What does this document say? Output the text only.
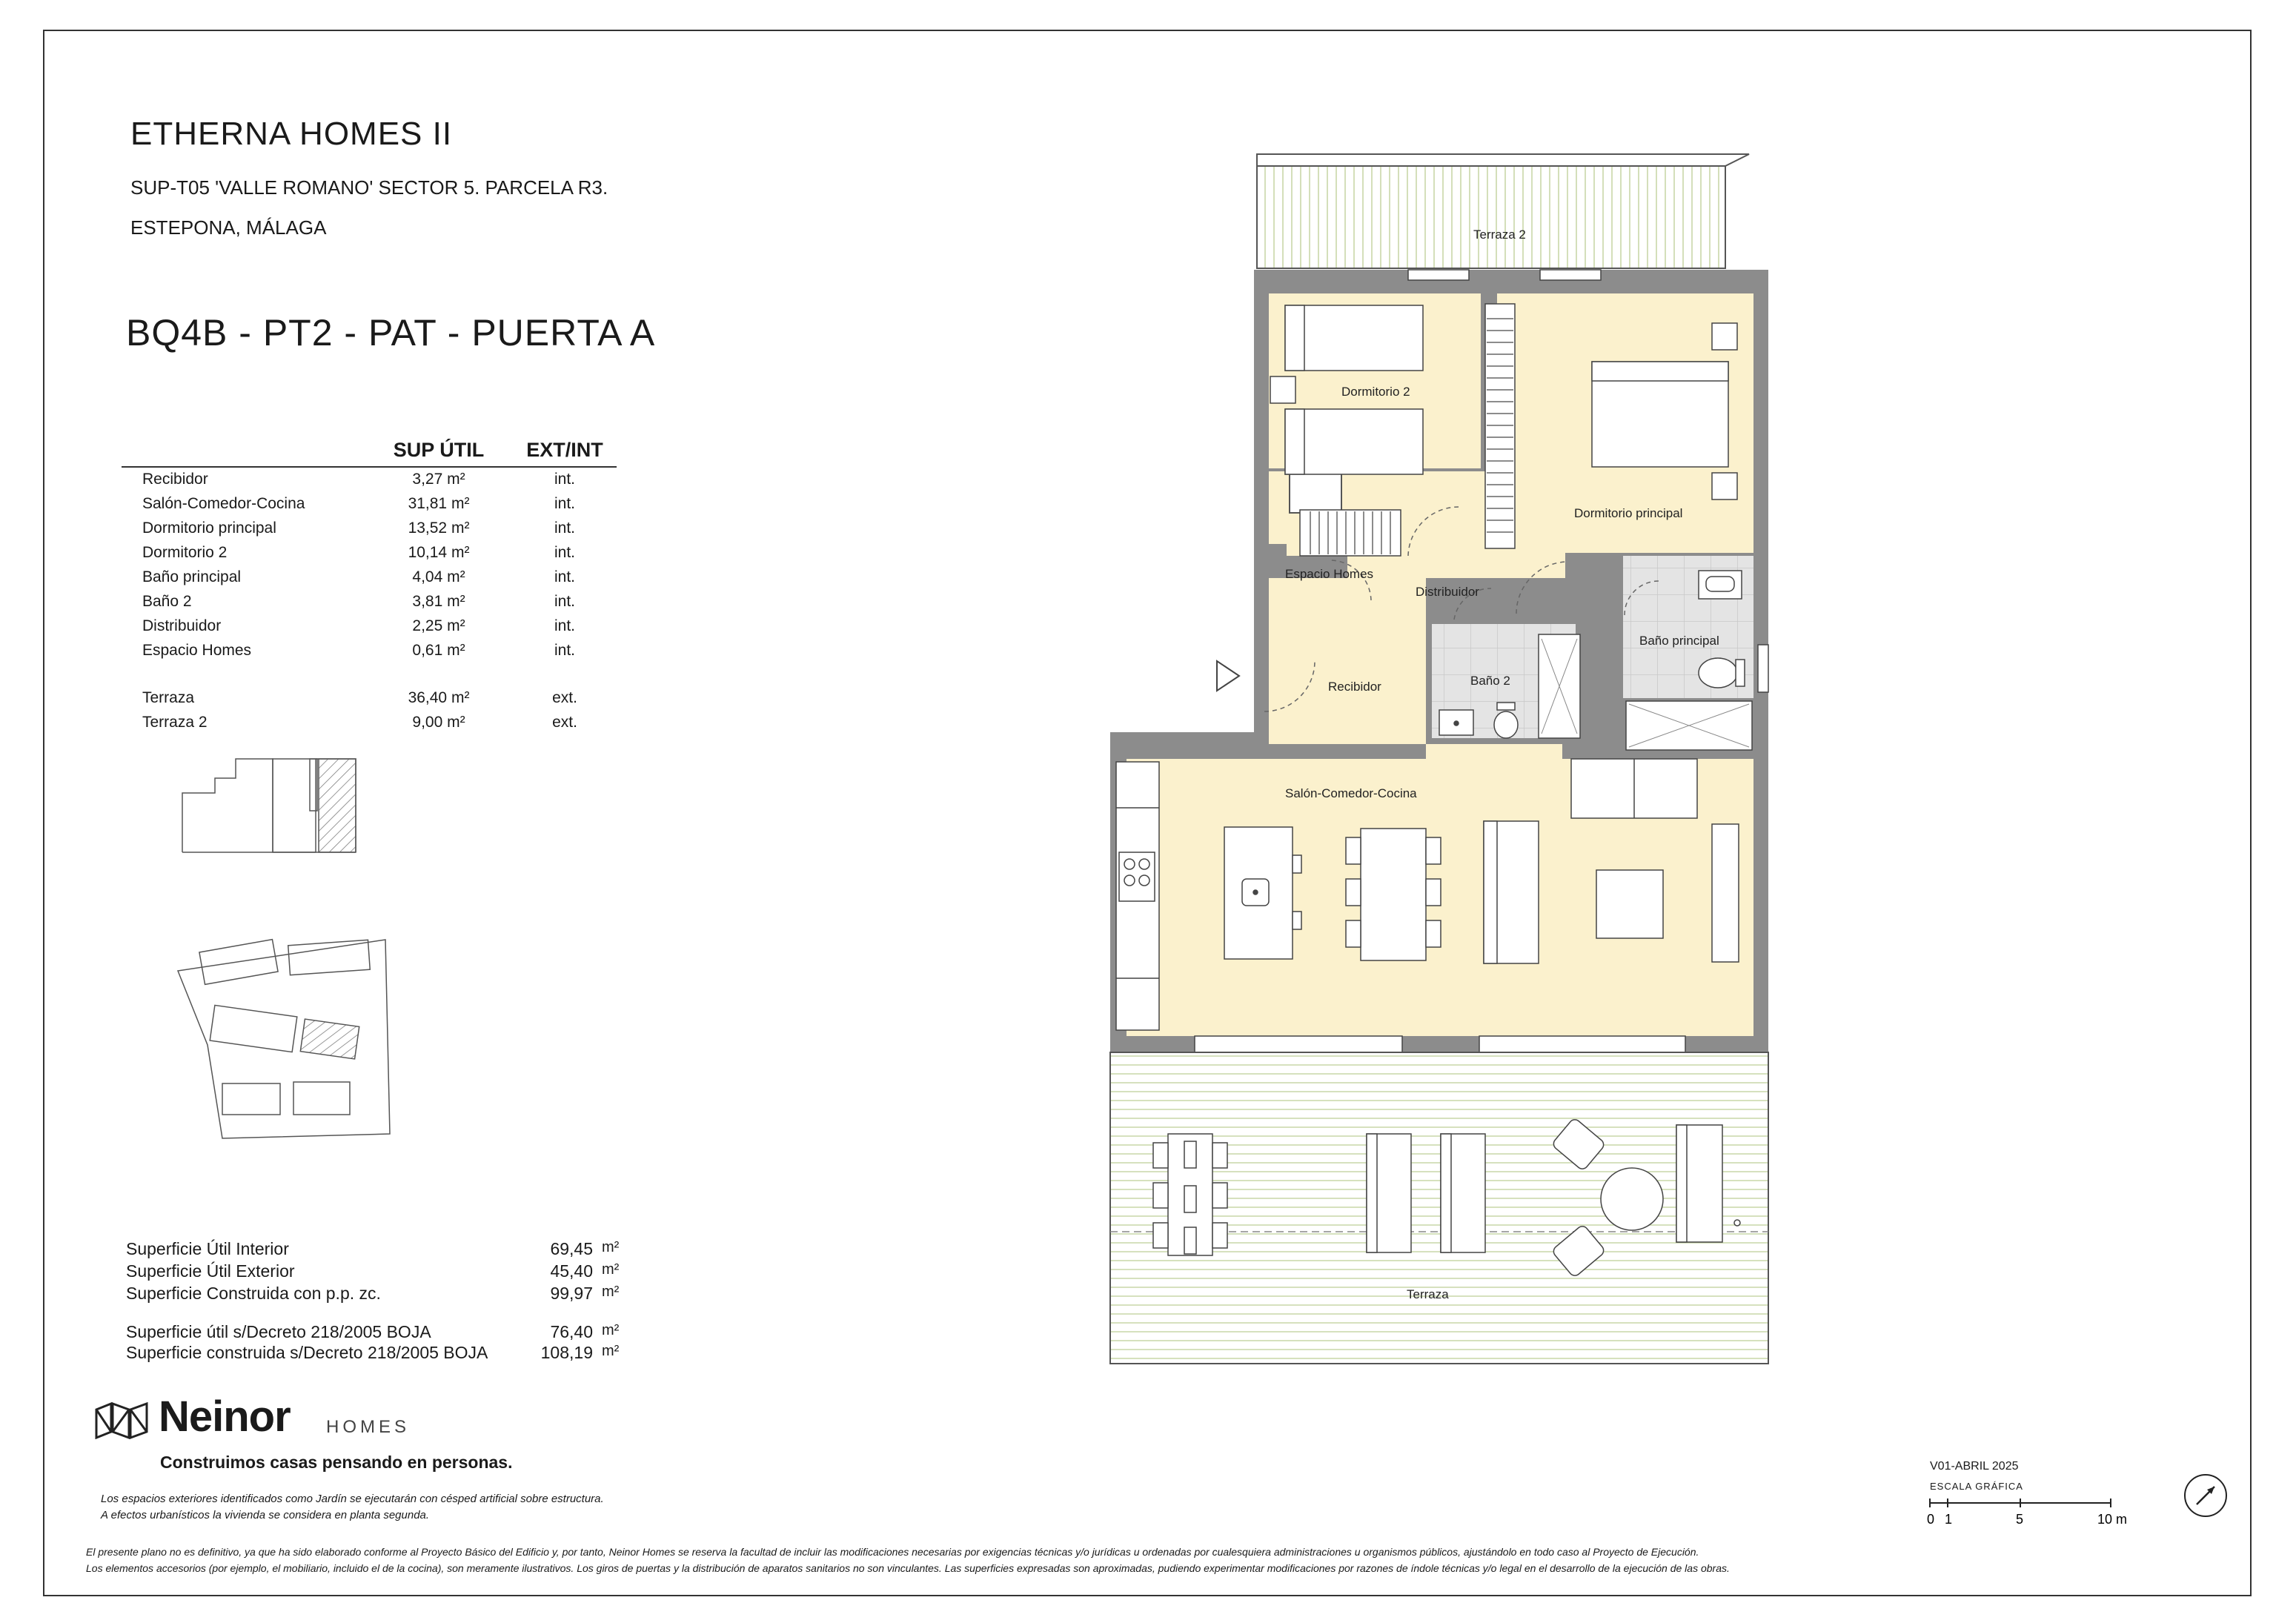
ETHERNA HOMES II
SUP-T05 'VALLE ROMANO' SECTOR 5. PARCELA R3.
ESTEPONA, MÁLAGA
BQ4B - PT2 - PAT - PUERTA A
	SUP ÚTIL	EXT/INT
Recibidor	3,27 m²	int.
Salón-Comedor-Cocina	31,81 m²	int.
Dormitorio principal	13,52 m²	int.
Dormitorio 2	10,14 m²	int.
Baño principal	4,04 m²	int.
Baño 2	3,81 m²	int.
Distribuidor	2,25 m²	int.
Espacio Homes	0,61 m²	int.

Terraza	36,40 m²	ext.
Terraza 2	9,00 m²	ext.
Superficie Útil Interior	69,45 m²
Superficie Útil Exterior	45,40 m²
Superficie Construida con p.p. zc.	99,97 m²
Superficie útil s/Decreto 218/2005 BOJA	76,40 m²
Superficie construida s/Decreto 218/2005 BOJA	108,19 m²
Neinor HOMES
Construimos casas pensando en personas.
Los espacios exteriores identificados como Jardín se ejecutarán con césped artificial sobre estructura.
A efectos urbanísticos la vivienda se considera en planta segunda.
El presente plano no es definitivo, ya que ha sido elaborado conforme al Proyecto Básico del Edificio y, por tanto, Neinor Homes se reserva la facultad de incluir las modificaciones necesarias por exigencias técnicas y/o jurídicas u ordenadas por cualesquiera administraciones u organismos públicos, ajustándolo en todo caso al Proyecto de Ejecución.
Los elementos accesorios (por ejemplo, el mobiliario, incluido el de la cocina), son meramente ilustrativos. Los giros de puertas y la distribución de aparatos sanitarios no son vinculantes. Las superficies expresadas son aproximadas, pudiendo experimentar modificaciones por razones de índole técnicas y/o legal en el desarrollo de la ejecución de las obras.
V01-ABRIL 2025
ESCALA GRÁFICA
0 1	5	10 m
Terraza 2
Dormitorio 2
Dormitorio principal
Espacio Homes
Distribuidor
Recibidor	Baño 2
Baño principal
Salón-Comedor-Cocina
Terraza
